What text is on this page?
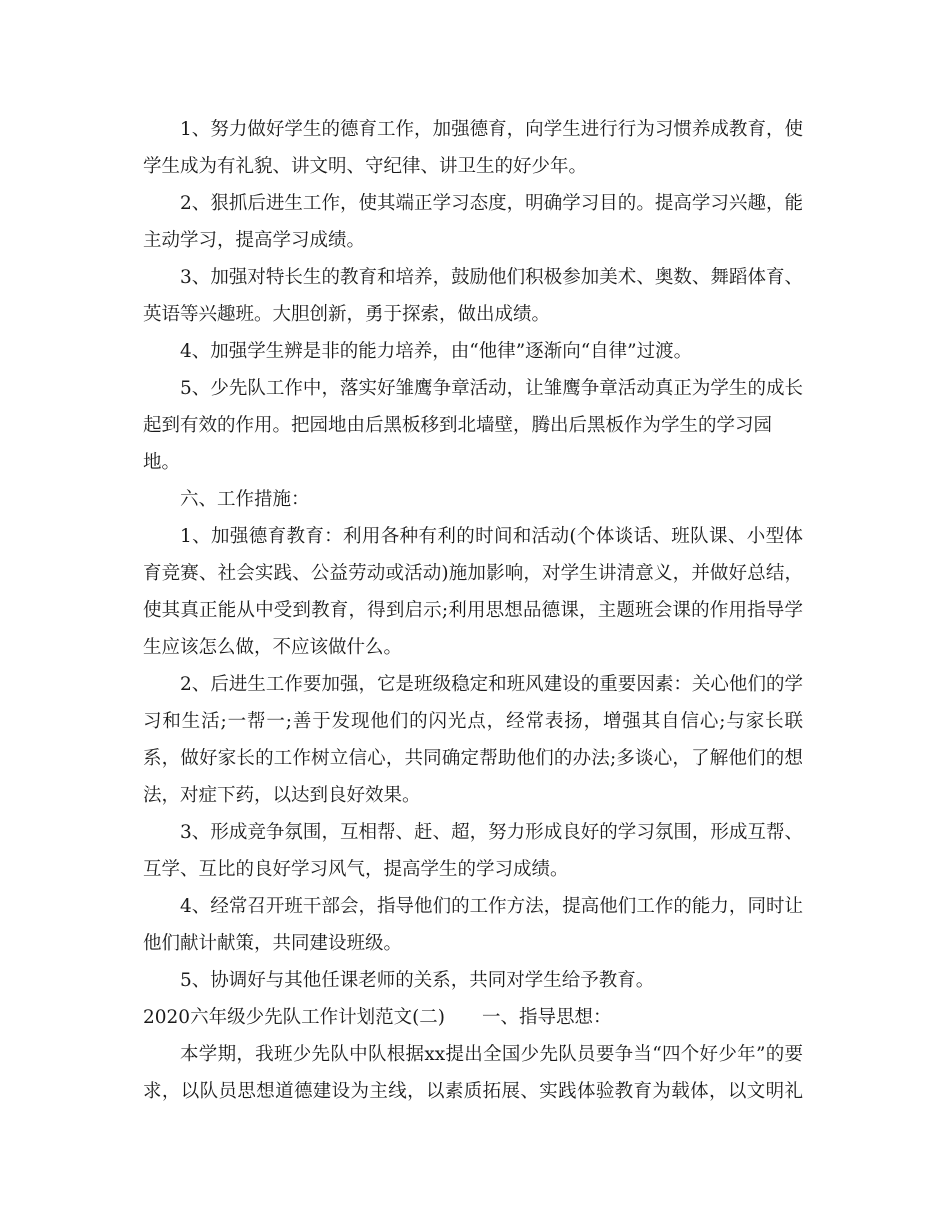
1、努力做好学生的德育工作，加强德育，向学生进行行为习惯养成教育，使
学生成为有礼貌、讲文明、守纪律、讲卫生的好少年。
2、狠抓后进生工作，使其端正学习态度，明确学习目的。提高学习兴趣，能
主动学习，提高学习成绩。
3、加强对特长生的教育和培养，鼓励他们积极参加美术、奥数、舞蹈体育、
英语等兴趣班。大胆创新，勇于探索，做出成绩。
4、加强学生辨是非的能力培养，由“他律”逐渐向“自律”过渡。
5、少先队工作中，落实好雏鹰争章活动，让雏鹰争章活动真正为学生的成长
起到有效的作用。把园地由后黑板移到北墙壁，腾出后黑板作为学生的学习园
地。
六、工作措施：
1、加强德育教育：利用各种有利的时间和活动(个体谈话、班队课、小型体
育竞赛、社会实践、公益劳动或活动)施加影响，对学生讲清意义，并做好总结，
使其真正能从中受到教育，得到启示;利用思想品德课，主题班会课的作用指导学
生应该怎么做，不应该做什么。
2、后进生工作要加强，它是班级稳定和班风建设的重要因素：关心他们的学
习和生活;一帮一;善于发现他们的闪光点，经常表扬，增强其自信心;与家长联
系，做好家长的工作树立信心，共同确定帮助他们的办法;多谈心，了解他们的想
法，对症下药，以达到良好效果。
3、形成竞争氛围，互相帮、赶、超，努力形成良好的学习氛围，形成互帮、
互学、互比的良好学习风气，提高学生的学习成绩。
4、经常召开班干部会，指导他们的工作方法，提高他们工作的能力，同时让
他们献计献策，共同建设班级。
5、协调好与其他任课老师的关系，共同对学生给予教育。
2020六年级少先队工作计划范文(二)　　一、指导思想：
本学期，我班少先队中队根据xx提出全国少先队员要争当“四个好少年”的要
求，以队员思想道德建设为主线，以素质拓展、实践体验教育为载体，以文明礼
